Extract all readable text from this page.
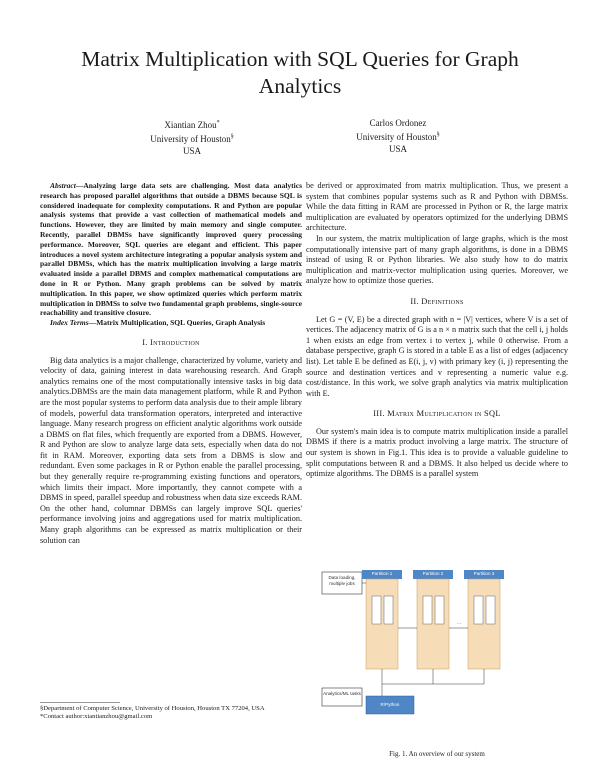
Matrix Multiplication with SQL Queries for Graph Analytics
Xiantian Zhou*
University of Houston§
USA
Carlos Ordonez
University of Houston§
USA

Abstract—Analyzing large data sets are challenging. Most data analytics research has proposed parallel algorithms that outside a DBMS because SQL is considered inadequate for complexity computations. R and Python are popular analysis systems that provide a vast collection of mathematical models and functions. However, they are limited by main memory and single computer. Recently, parallel DBMSs have significantly improved query processing performance. Moreover, SQL queries are elegant and efficient. This paper introduces a novel system architecture integrating a popular analysis system and parallel DBMSs, which has the matrix multiplication involving a large matrix evaluated inside a parallel DBMS and complex mathematical computations are done in R or Python. Many graph problems can be solved by matrix multiplication. In this paper, we show optimized queries which perform matrix multiplication in DBMSs to solve two fundamental graph problems, single-source reachability and transitive closure.

Index Terms—Matrix Multiplication, SQL Queries, Graph Analysis

I. Introduction

Big data analytics is a major challenge, characterized by volume, variety and velocity of data, gaining interest in data warehousing research. And Graph analytics remains one of the most computationally intensive tasks in big data analytics.DBMSs are the main data management platform, while R and Python are the most popular systems to perform data analysis due to their ample library of models, powerful data transformation operators, interpreted and interactive language. Many research progress on efficient analytic algorithms work outside a DBMS on flat files, which frequently are exported from a DBMS. However, R and Python are slow to analyze large data sets, especially when data do not fit in RAM. Moreover, exporting data sets from a DBMS is slow and redundant. Even some packages in R or Python enable the parallel processing, but they generally require re-programming existing functions and operators, which limits their impact. More importantly, they cannot compete with a DBMS in speed, parallel speedup and robustness when data size exceeds RAM. On the other hand, columnar DBMSs can largely improve SQL queries' performance involving joins and aggregations used for matrix multiplication. Many graph algorithms can be expressed as matrix multiplication or their solution can

be derived or approximated from matrix multiplication. Thus, we present a system that combines popular systems such as R and Python with DBMSs. While the data fitting in RAM are processed in Python or R, the large matrix multiplication are evaluated by operators optimized for the underlying DBMS architecture.

In our system, the matrix multiplication of large graphs, which is the most computationally intensive part of many graph algorithms, is done in a DBMS instead of using R or Python libraries. We also study how to do matrix multiplication and matrix-vector multiplication using queries. Moreover, we analyze how to optimize those queries.

II. Definitions

Let G = (V, E) be a directed graph with n = |V| vertices, where V is a set of vertices. The adjacency matrix of G is a n × n matrix such that the cell i, j holds 1 when exists an edge from vertex i to vertex j, while 0 otherwise. From a database perspective, graph G is stored in a table E as a list of edges (adjacency list). Let table E be defined as E(i, j, v) with primary key (i, j) representing the source and destination vertices and v representing a numeric value e.g. cost/distance. In this work, we solve graph analytics via matrix multiplication with E.

III. Matrix Multiplication in SQL

Our system's main idea is to compute matrix multiplication inside a parallel DBMS if there is a matrix product involving a large matrix. The structure of our system is shown in Fig.1. This idea is to provide a valuable guideline to split computations between R and a DBMS. It also helped us decide where to optimize algorithms. The DBMS is a parallel system

§Department of Computer Science, University of Houston, Houston TX 77204, USA
*Contact author:xiantianzhou@gmail.com
Data loading, multiple jobs
Partition 1	Partition 2	Partition 3
...
Analytics/ML tasks
R/Python
Fig. 1. An overview of our system
